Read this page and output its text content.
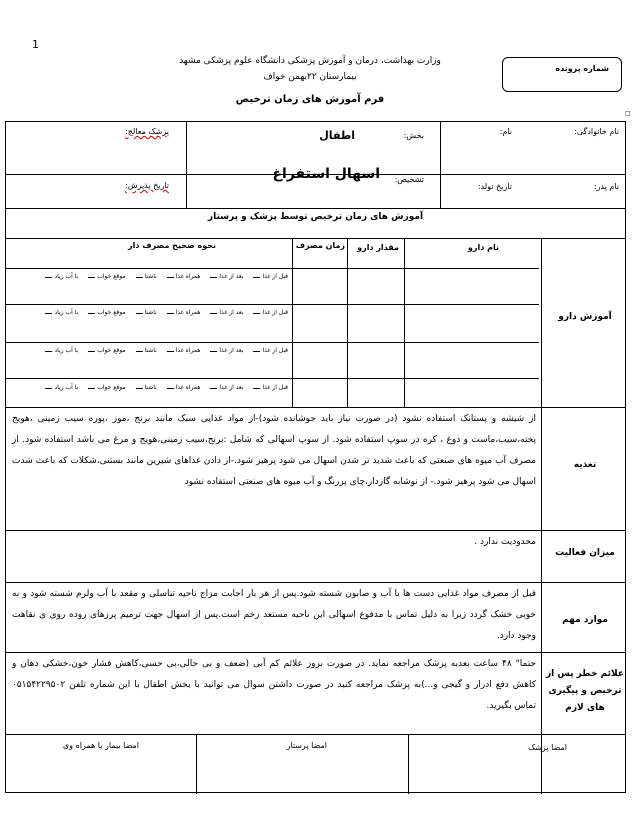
1
وزارت بهداشت، درمان و آموزش پزشکی دانشگاه علوم پزشکی مشهد
بیمارستان ۲۲بهمن خواف
فرم آموزش های زمان ترخیص
شماره پرونده
□
نام خانوادگی:
نام:
نام پدر:
تاریخ تولد:
بخش:
اطفال
تشخیص:
اسهال استفراغ
پزشک معالج:
تاریخ پذیرش:
آموزش های زمان ترخیص توسط پزشک و پرستار
آموزش دارو
نام دارو
مقدار دارو
زمان مصرف
نحوه صحیح مصرف دار
قبل از غذا
بعد از غذا
همراه غذا
ناشتا
موقع خواب
با آب زیاد
قبل از غذا
بعد از غذا
همراه غذا
ناشتا
موقع خواب
با آب زیاد
قبل از غذا
بعد از غذا
همراه غذا
ناشتا
موقع خواب
با آب زیاد
قبل از غذا
بعد از غذا
همراه غذا
ناشتا
موقع خواب
با آب زیاد
تغذیه
از شیشه و پستانک استفاده نشود (در صورت نیاز باید جوشانده شود)-از مواد غذایی سبک مانند برنج ،موز ،پوره سیب زمینی ،هویج پخته،سیب،ماست و دوغ ، کره در سوپ استفاده شود. از سوپ اسهالی که شامل :برنج،سیب زمینی،هویج و مرغ می باشد استفاده شود. از مصرف آب میوه های صنعتی که باعث شدید تر شدن اسهال می شود پرهیز شود.-از دادن غذاهای شیرین مانند بستنی،شکلات که باعث شدت اسهال می شود پرهیز شود.- از نوشابه گازدار،چای پررنگ و آب میوه های صنعتی استفاده نشود
میزان فعالیت
محدودیت ندارد .
موارد مهم
قبل از مصرف مواد غذایی دست ها با آب و صابون شسته شود.پس از هر بار اجابت مزاج ناحیه تناسلی و مقعد با آب ولرم شسته شود و به خوبی خشک گردد زیرا به دلیل تماس با مدفوع اسهالی این ناحیه مستعد زخم است.پس از اسهال جهت ترمیم پرزهای روده روی ی نقاهت وجود دارد.
علائم خطر پس از ترخیص و پیگیری های لازم
حتما" ۴۸ ساعت بعدبه پزشک مراجعه نماید. در صورت بروز علائم کم آبی (ضعف و بی حالی،بی حسی،کاهش فشار خون،خشکی دهان و کاهش دفع ادرار و گیجی و...)به پزشک مراجعه کنید در صورت داشتن سوال می توانید با بخش اطفال با این شماره تلفن ۰۵۱۵۴۲۲۹۵۰۲ تماس بگیرید.
امضا پزشک
امضا پرستار
امضا بیمار یا همراه وی
